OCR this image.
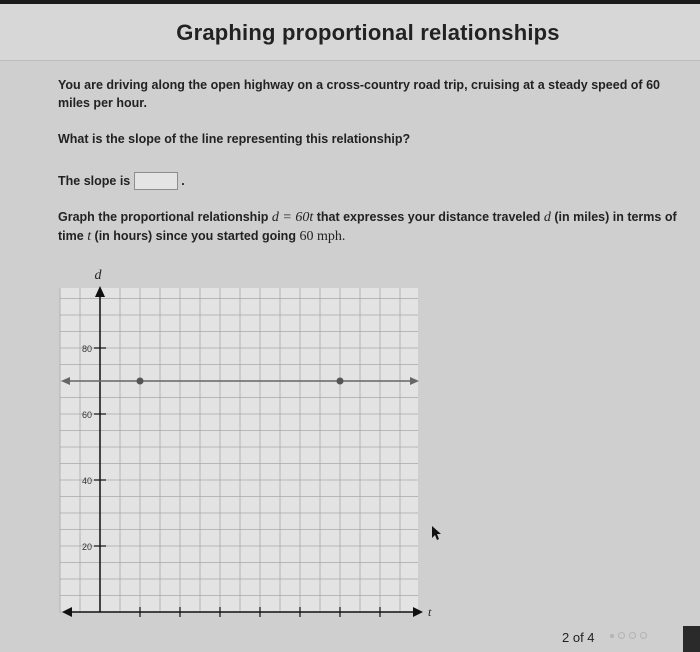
Graphing proportional relationships
You are driving along the open highway on a cross-country road trip, cruising at a steady speed of 60 miles per hour.
What is the slope of the line representing this relationship?
The slope is	.
Graph the proportional relationship d = 60t that expresses your distance traveled d (in miles) in terms of time t (in hours) since you started going 60 mph.
d
t
80
60
40
20
2 of 4
